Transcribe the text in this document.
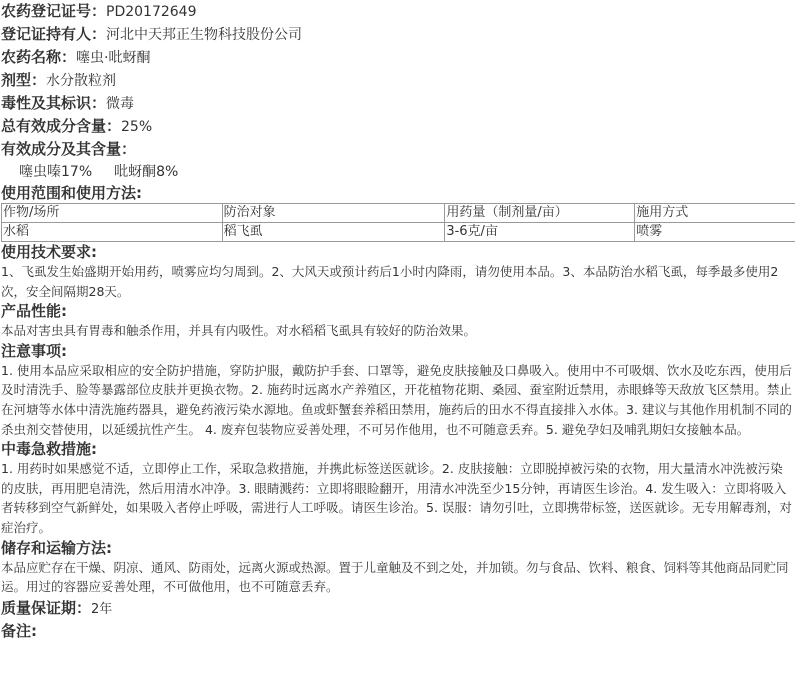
农药登记证号：PD20172649
登记证持有人：河北中天邦正生物科技股份公司
农药名称：噻虫·吡蚜酮
剂型：水分散粒剂
毒性及其标识：微毒
总有效成分含量：25%
有效成分及其含量：
噻虫嗪17% 吡蚜酮8%
使用范围和使用方法:
作物/场所	防治对象	用药量（制剂量/亩）	施用方式
水稻	稻飞虱	3-6克/亩	喷雾
使用技术要求:

1、飞虱发生始盛期开始用药，喷雾应均匀周到。2、大风天或预计药后1小时内降雨，请勿使用本品。3、本品防治水稻飞虱，每季最多使用2次，安全间隔期28天。

产品性能:

本品对害虫具有胃毒和触杀作用，并具有内吸性。对水稻稻飞虱具有较好的防治效果。

注意事项:

1. 使用本品应采取相应的安全防护措施，穿防护服，戴防护手套、口罩等，避免皮肤接触及口鼻吸入。使用中不可吸烟、饮水及吃东西，使用后及时清洗手、脸等暴露部位皮肤并更换衣物。2. 施药时远离水产养殖区，开花植物花期、桑园、蚕室附近禁用，赤眼蜂等天敌放飞区禁用。禁止在河塘等水体中清洗施药器具，避免药液污染水源地。鱼或虾蟹套养稻田禁用，施药后的田水不得直接排入水体。3. 建议与其他作用机制不同的杀虫剂交替使用，以延缓抗性产生。 4. 废弃包装物应妥善处理，不可另作他用，也不可随意丢弃。5. 避免孕妇及哺乳期妇女接触本品。

中毒急救措施:

1. 用药时如果感觉不适，立即停止工作，采取急救措施，并携此标签送医就诊。2. 皮肤接触：立即脱掉被污染的衣物，用大量清水冲洗被污染的皮肤，再用肥皂清洗，然后用清水冲净。3. 眼睛溅药：立即将眼睑翻开，用清水冲洗至少15分钟，再请医生诊治。4. 发生吸入：立即将吸入者转移到空气新鲜处，如果吸入者停止呼吸，需进行人工呼吸。请医生诊治。5. 误服：请勿引吐，立即携带标签，送医就诊。无专用解毒剂，对症治疗。

储存和运输方法:

本品应贮存在干燥、阴凉、通风、防雨处，远离火源或热源。置于儿童触及不到之处，并加锁。勿与食品、饮料、粮食、饲料等其他商品同贮同运。用过的容器应妥善处理，不可做他用，也不可随意丢弃。

质量保证期：2年
备注:
